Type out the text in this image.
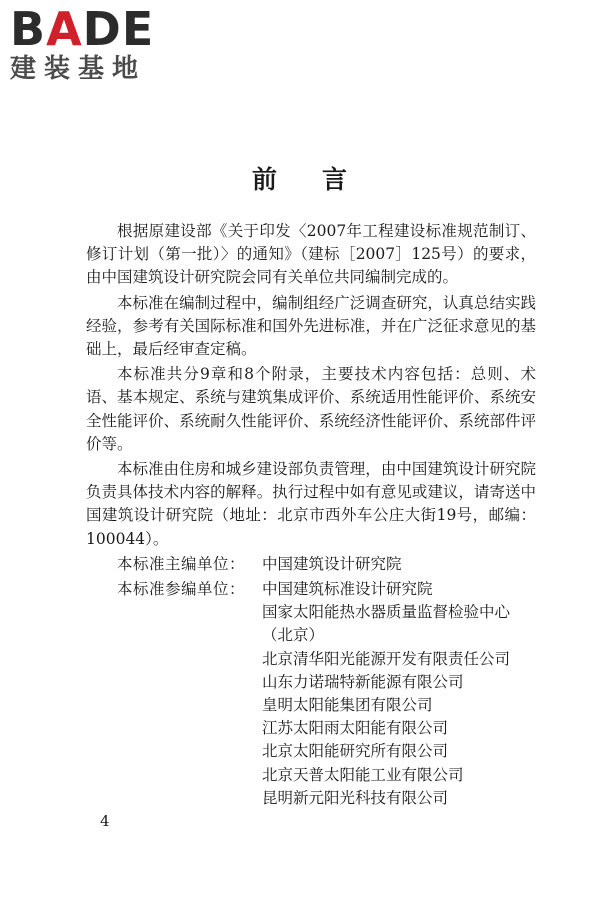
BADE
建装基地
前 言

根据原建设部《关于印发〈2007年工程建设标准规范制订、修订计划（第一批）〉的通知》（建标［2007］125号）的要求，由中国建筑设计研究院会同有关单位共同编制完成的。

本标准在编制过程中，编制组经广泛调查研究，认真总结实践经验，参考有关国际标准和国外先进标准，并在广泛征求意见的基础上，最后经审查定稿。

本标准共分9章和8个附录，主要技术内容包括：总则、术语、基本规定、系统与建筑集成评价、系统适用性能评价、系统安全性能评价、系统耐久性能评价、系统经济性能评价、系统部件评价等。

本标准由住房和城乡建设部负责管理，由中国建筑设计研究院负责具体技术内容的解释。执行过程中如有意见或建议，请寄送中国建筑设计研究院（地址：北京市西外车公庄大街19号，邮编：100044）。

本标准主编单位：	中国建筑设计研究院
本标准参编单位：	中国建筑标准设计研究院
国家太阳能热水器质量监督检验中心
（北京）
北京清华阳光能源开发有限责任公司
山东力诺瑞特新能源有限公司
皇明太阳能集团有限公司
江苏太阳雨太阳能有限公司
北京太阳能研究所有限公司
北京天普太阳能工业有限公司
昆明新元阳光科技有限公司
4
